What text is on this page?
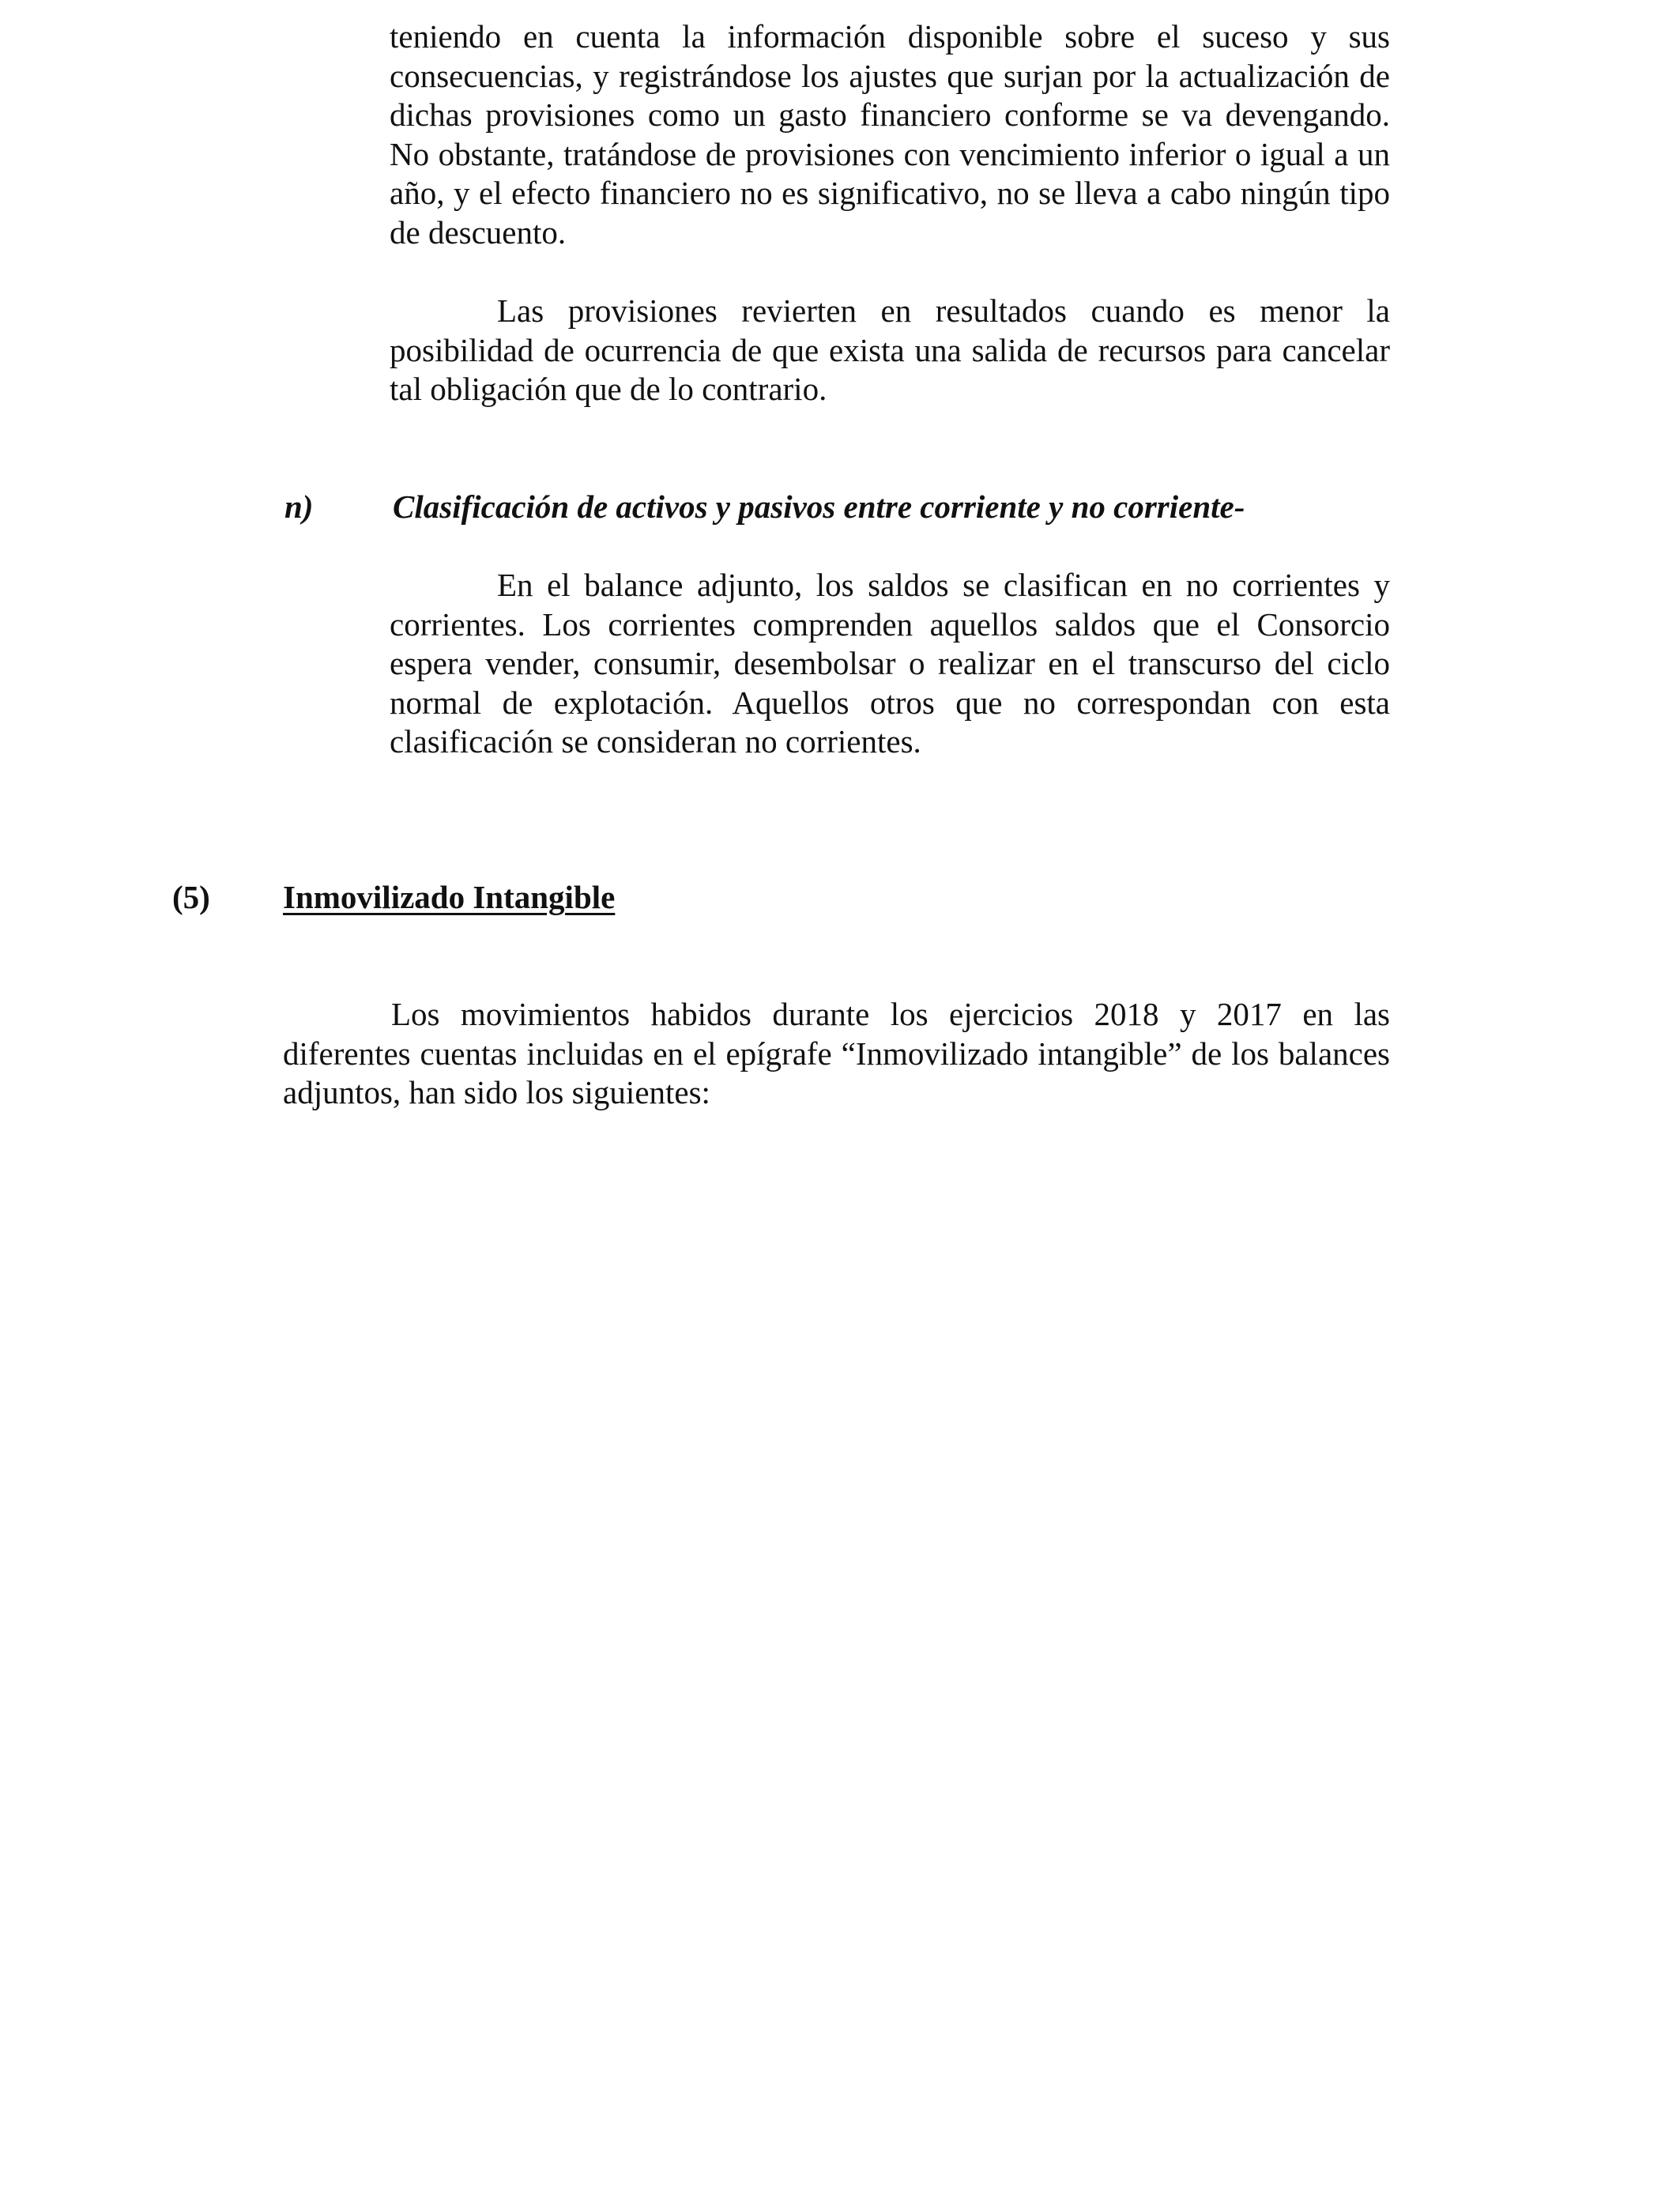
teniendo en cuenta la información disponible sobre el suceso y sus consecuencias, y registrándose los ajustes que surjan por la actualización de dichas provisiones como un gasto financiero conforme se va devengando. No obstante, tratándose de provisiones con vencimiento inferior o igual a un año, y el efecto financiero no es significativo, no se lleva a cabo ningún tipo de descuento.

Las provisiones revierten en resultados cuando es menor la posibilidad de ocurrencia de que exista una salida de recursos para cancelar tal obligación que de lo contrario.

n) Clasificación de activos y pasivos entre corriente y no corriente-

En el balance adjunto, los saldos se clasifican en no corrientes y corrientes. Los corrientes comprenden aquellos saldos que el Consorcio espera vender, consumir, desembolsar o realizar en el transcurso del ciclo normal de explotación. Aquellos otros que no correspondan con esta clasificación se consideran no corrientes.

(5) Inmovilizado Intangible

Los movimientos habidos durante los ejercicios 2018 y 2017 en las diferentes cuentas incluidas en el epígrafe “Inmovilizado intangible” de los balances adjuntos, han sido los siguientes:
